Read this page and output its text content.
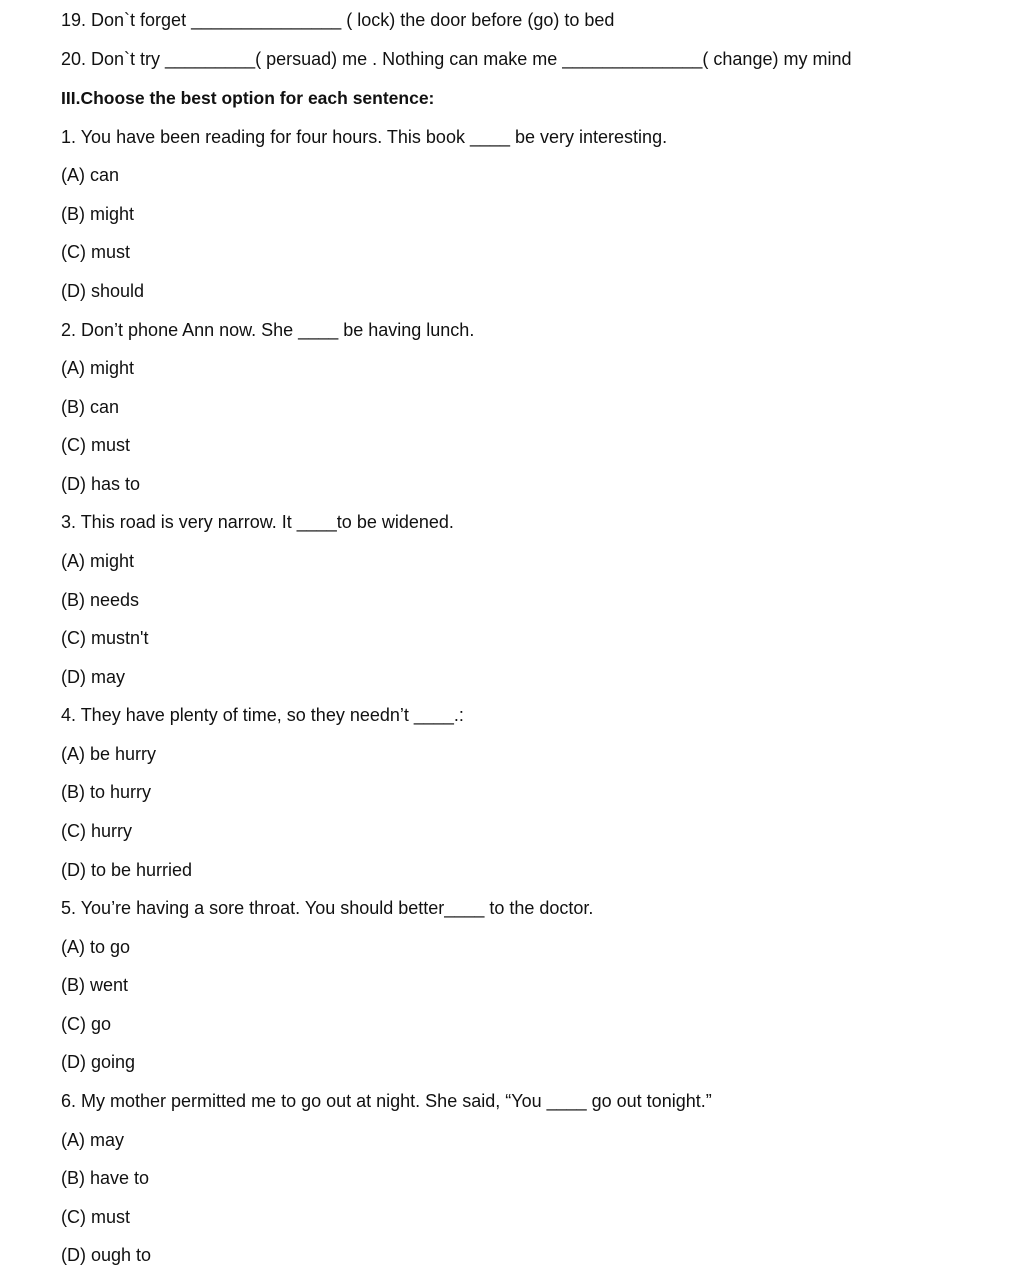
19. Don`t forget _______________ ( lock) the door before (go) to bed
20. Don`t try _________( persuad) me . Nothing can make me ______________( change) my mind
III.Choose the best option for each sentence:
1. You have been reading for four hours. This book ____ be very interesting.
(A) can
(B) might
(C) must
(D) should
2. Don’t phone Ann now. She ____ be having lunch.
(A) might
(B) can
(C) must
(D) has to
3. This road is very narrow. It ____to be widened.
(A) might
(B) needs
(C) mustn't
(D) may
4. They have plenty of time, so they needn’t ____.:
(A) be hurry
(B) to hurry
(C) hurry
(D) to be hurried
5. You’re having a sore throat. You should better____ to the doctor.
(A) to go
(B) went
(C) go
(D) going
6. My mother permitted me to go out at night. She said, “You ____ go out tonight.”
(A) may
(B) have to
(C) must
(D) ough to
